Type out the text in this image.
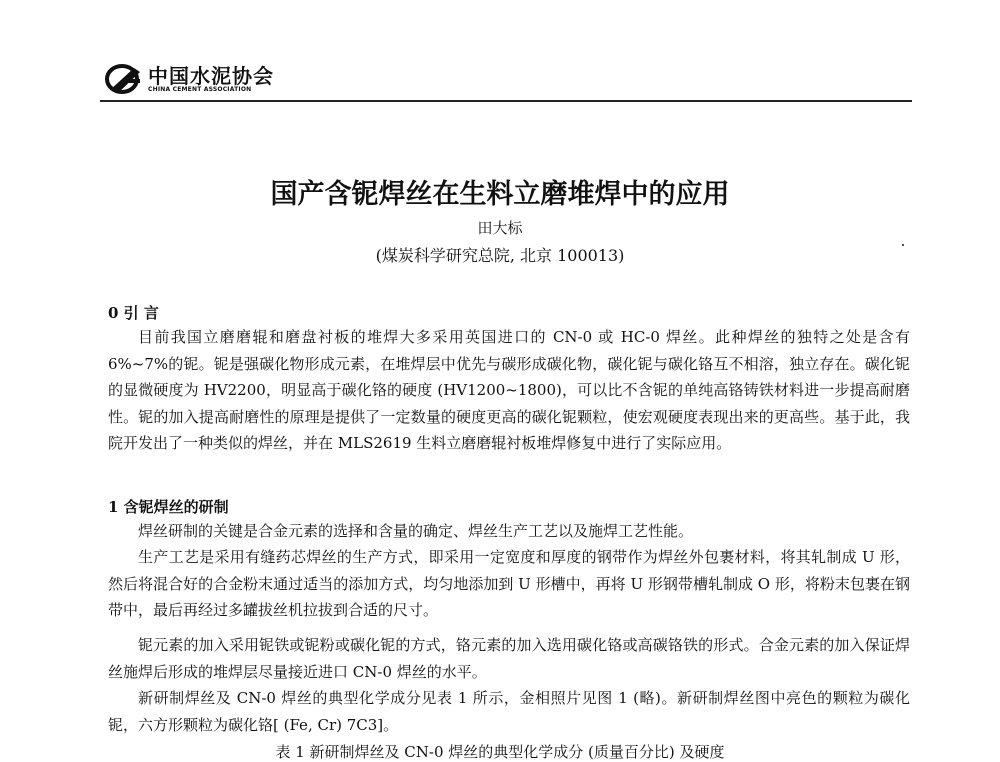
中国水泥协会
CHINA CEMENT ASSOCIATION
国产含铌焊丝在生料立磨堆焊中的应用
田大标
(煤炭科学研究总院, 北京 100013)
0 引 言

目前我国立磨磨辊和磨盘衬板的堆焊大多采用英国进口的 CN-0 或 HC-0 焊丝。此种焊丝的独特之处是含有 6%~7%的铌。铌是强碳化物形成元素，在堆焊层中优先与碳形成碳化物，碳化铌与碳化铬互不相溶，独立存在。碳化铌的显微硬度为 HV2200，明显高于碳化铬的硬度 (HV1200~1800)，可以比不含铌的单纯高铬铸铁材料进一步提高耐磨性。铌的加入提高耐磨性的原理是提供了一定数量的硬度更高的碳化铌颗粒，使宏观硬度表现出来的更高些。基于此，我院开发出了一种类似的焊丝，并在 MLS2619 生料立磨磨辊衬板堆焊修复中进行了实际应用。

1 含铌焊丝的研制

焊丝研制的关键是合金元素的选择和含量的确定、焊丝生产工艺以及施焊工艺性能。

生产工艺是采用有缝药芯焊丝的生产方式，即采用一定宽度和厚度的钢带作为焊丝外包裹材料，将其轧制成 U 形，然后将混合好的合金粉末通过适当的添加方式，均匀地添加到 U 形槽中，再将 U 形钢带槽轧制成 O 形，将粉末包裹在钢带中，最后再经过多罐拔丝机拉拔到合适的尺寸。

铌元素的加入采用铌铁或铌粉或碳化铌的方式，铬元素的加入选用碳化铬或高碳铬铁的形式。合金元素的加入保证焊丝施焊后形成的堆焊层尽量接近进口 CN-0 焊丝的水平。

新研制焊丝及 CN-0 焊丝的典型化学成分见表 1 所示，金相照片见图 1 (略)。新研制焊丝图中亮色的颗粒为碳化铌，六方形颗粒为碳化铬[ (Fe, Cr) 7C3]。

表 1 新研制焊丝及 CN-0 焊丝的典型化学成分 (质量百分比) 及硬度
